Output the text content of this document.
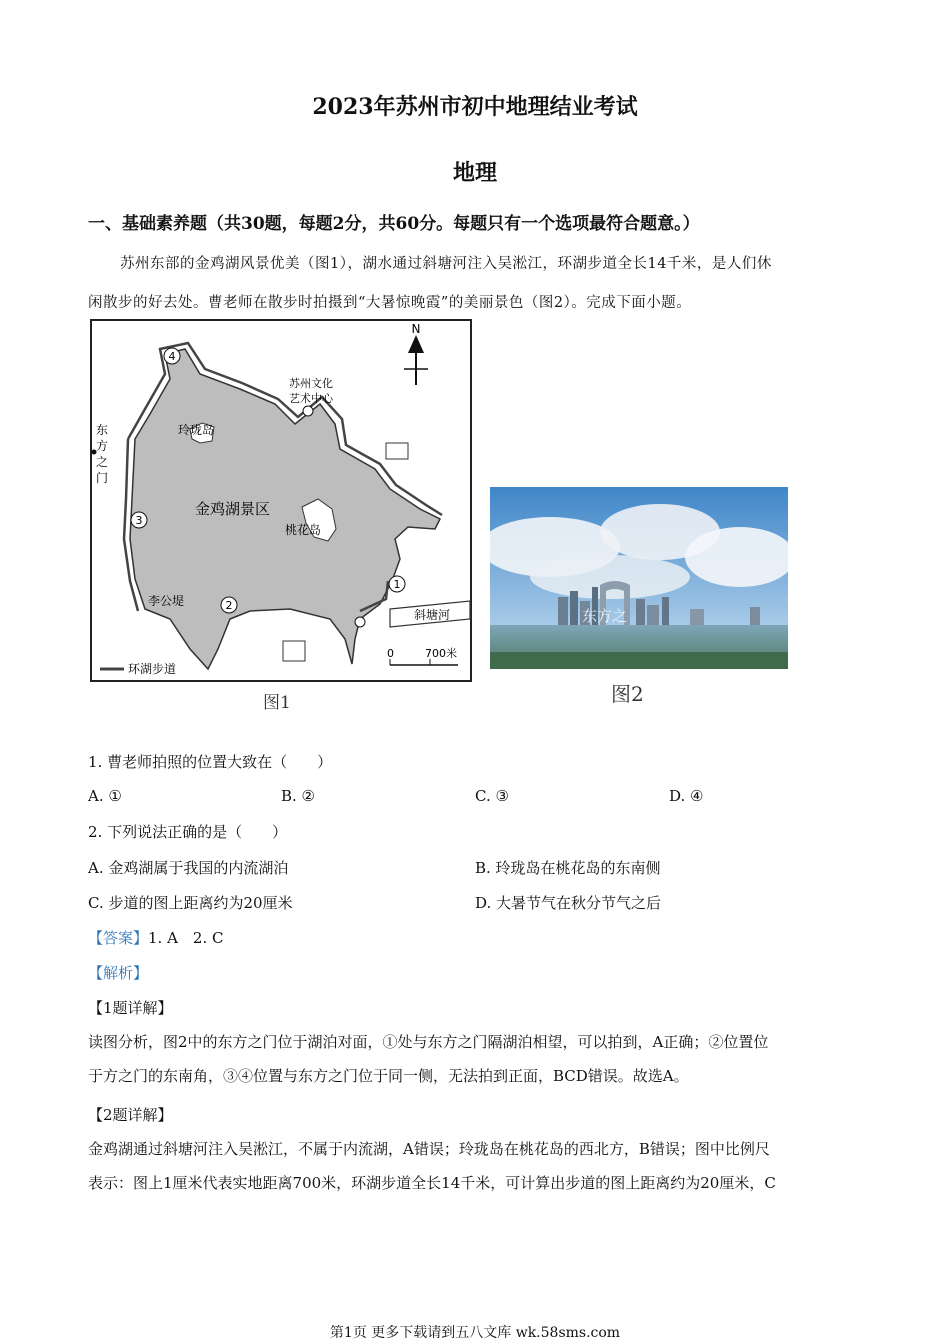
2023年苏州市初中地理结业考试
地理
一、基础素养题（共30题，每题2分，共60分。每题只有一个选项最符合题意。）

苏州东部的金鸡湖风景优美（图1），湖水通过斜塘河注入吴淞江，环湖步道全长14千米，是人们休

闲散步的好去处。曹老师在散步时拍摄到“大暑惊晚霞”的美丽景色（图2）。完成下面小题。

N
苏州文化
艺术中心
玲珑岛
东
方
之
门
金鸡湖景区
桃花岛
李公堤
斜塘河
4
3
2
1
0	700米
环湖步道
图1
东方之
图2
1. 曹老师拍照的位置大致在（　　）
A. ①	B. ②	C. ③	D. ④
2. 下列说法正确的是（　　）
A. 金鸡湖属于我国的内流湖泊	B. 玲珑岛在桃花岛的东南侧
C. 步道的图上距离约为20厘米	D. 大暑节气在秋分节气之后
【答案】1. A　2. C
【解析】
【1题详解】
读图分析，图2中的东方之门位于湖泊对面，①处与东方之门隔湖泊相望，可以拍到，A正确；②位置位
于方之门的东南角，③④位置与东方之门位于同一侧，无法拍到正面，BCD错误。故选A。
【2题详解】
金鸡湖通过斜塘河注入吴淞江，不属于内流湖，A错误；玲珑岛在桃花岛的西北方，B错误；图中比例尺
表示：图上1厘米代表实地距离700米，环湖步道全长14千米，可计算出步道的图上距离约为20厘米，C
第1页 更多下载请到五八文库 wk.58sms.com
